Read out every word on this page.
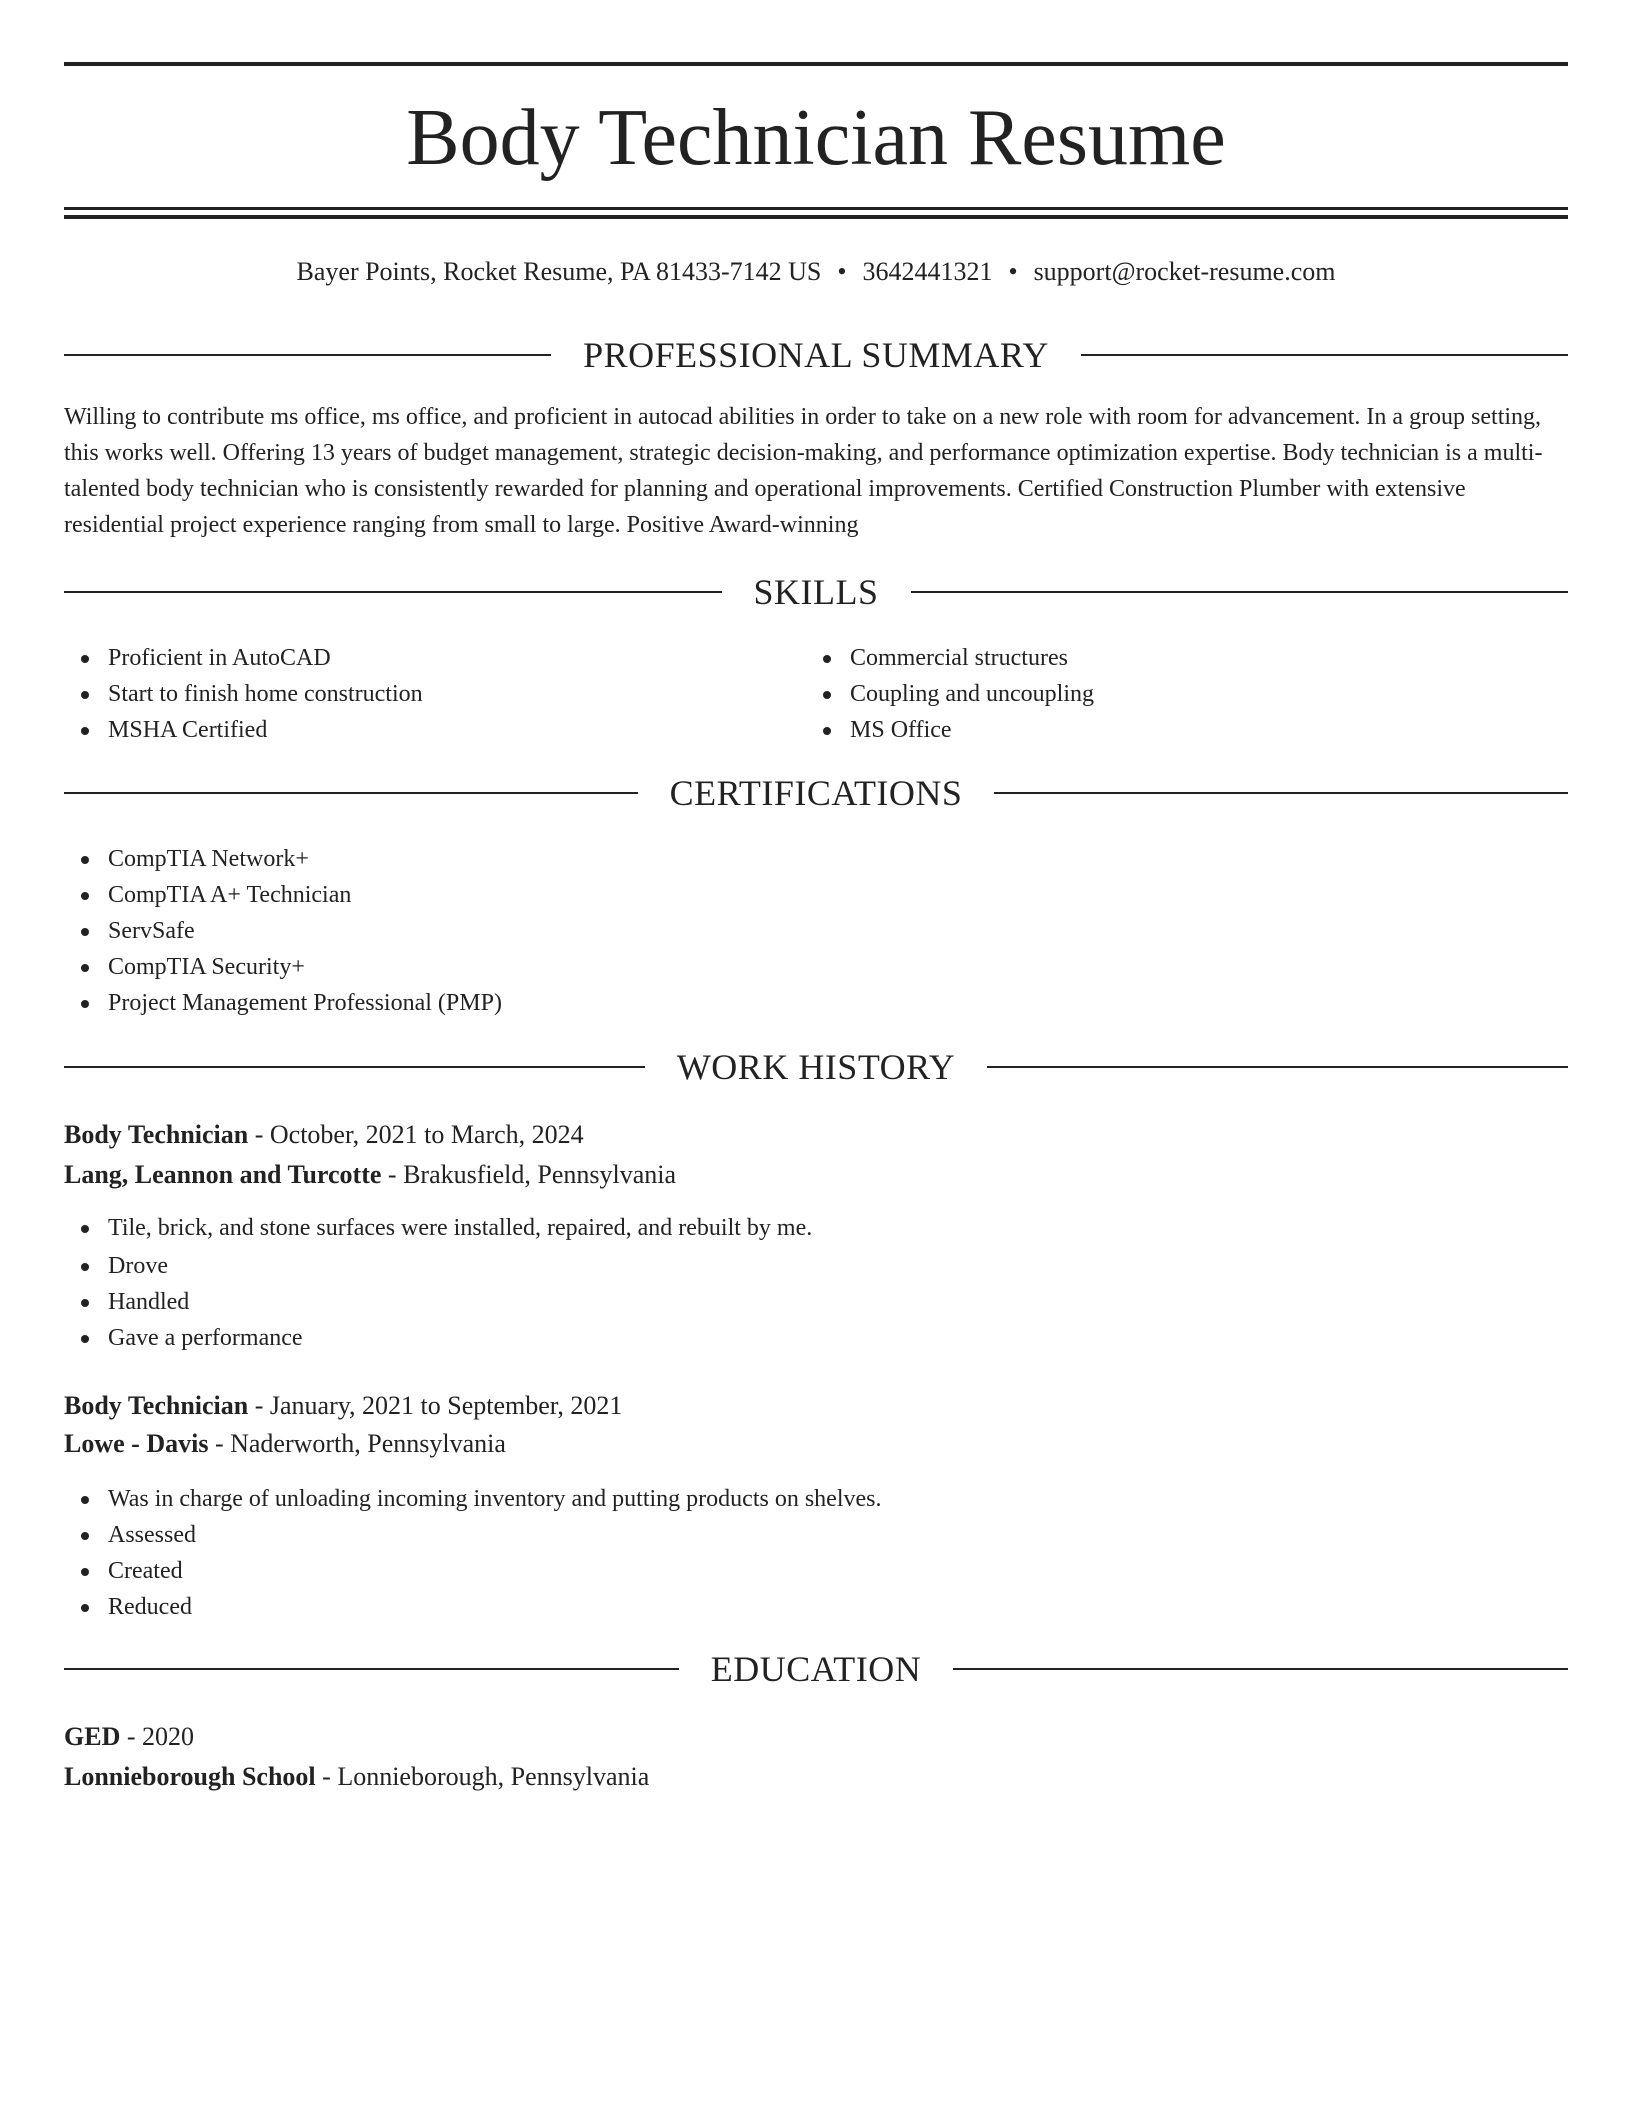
Body Technician Resume
Bayer Points, Rocket Resume, PA 81433-7142 US • 3642441321 • support@rocket-resume.com
PROFESSIONAL SUMMARY

Willing to contribute ms office, ms office, and proficient in autocad abilities in order to take on a new role with room for advancement. In a group setting, this works well. Offering 13 years of budget management, strategic decision-making, and performance optimization expertise. Body technician is a multi-talented body technician who is consistently rewarded for planning and operational improvements. Certified Construction Plumber with extensive residential project experience ranging from small to large. Positive Award-winning

SKILLS
Proficient in AutoCAD
Start to finish home construction
MSHA Certified
Commercial structures
Coupling and uncoupling
MS Office
CERTIFICATIONS
CompTIA Network+
CompTIA A+ Technician
ServSafe
CompTIA Security+
Project Management Professional (PMP)
WORK HISTORY
Body Technician - October, 2021 to March, 2024
Lang, Leannon and Turcotte - Brakusfield, Pennsylvania
Tile, brick, and stone surfaces were installed, repaired, and rebuilt by me.
Drove
Handled
Gave a performance
Body Technician - January, 2021 to September, 2021
Lowe - Davis - Naderworth, Pennsylvania
Was in charge of unloading incoming inventory and putting products on shelves.
Assessed
Created
Reduced
EDUCATION
GED - 2020
Lonnieborough School - Lonnieborough, Pennsylvania
